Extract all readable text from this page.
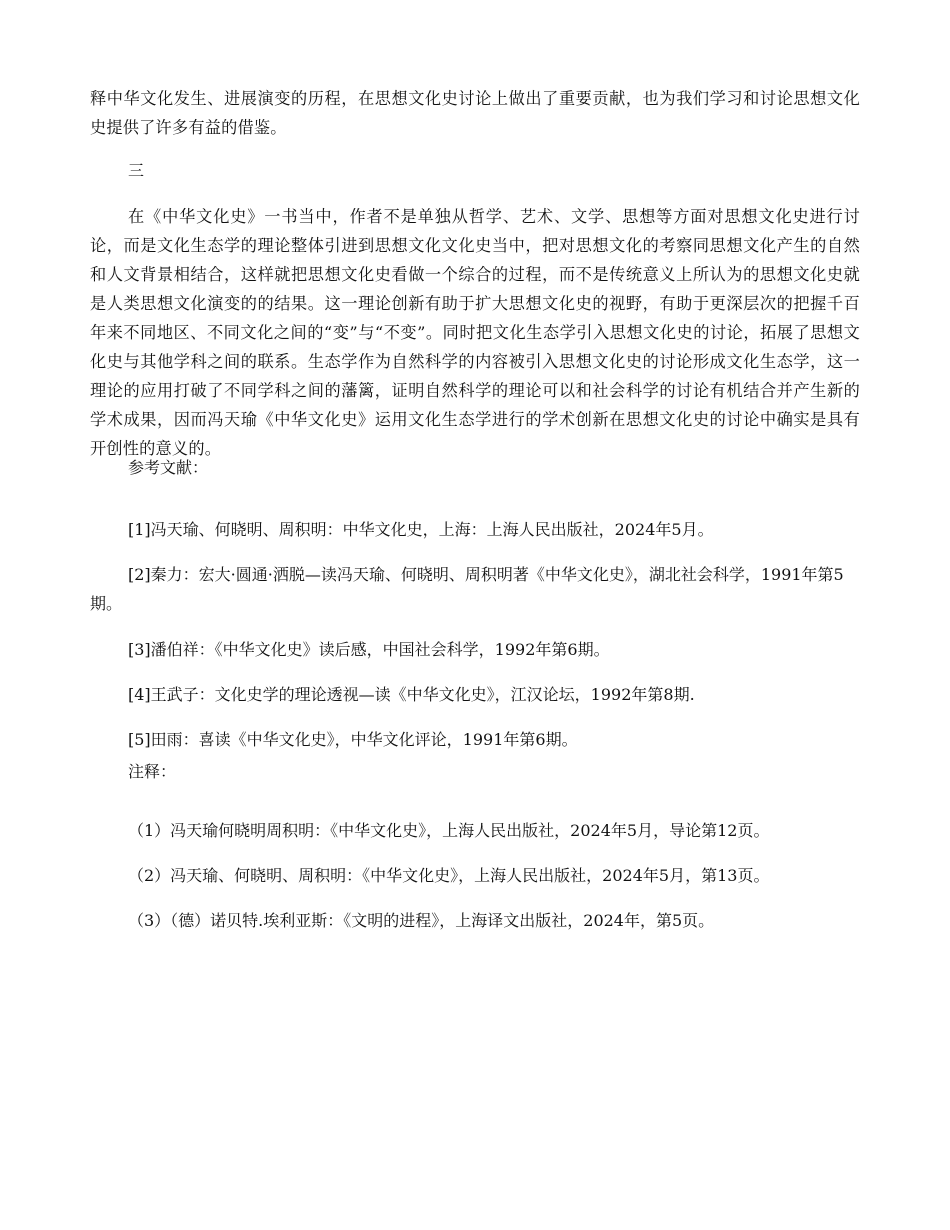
释中华文化发生、进展演变的历程，在思想文化史讨论上做出了重要贡献，也为我们学习和讨论思想文化史提供了许多有益的借鉴。

三

在《中华文化史》一书当中，作者不是单独从哲学、艺术、文学、思想等方面对思想文化史进行讨论，而是文化生态学的理论整体引进到思想文化文化史当中，把对思想文化的考察同思想文化产生的自然和人文背景相结合，这样就把思想文化史看做一个综合的过程，而不是传统意义上所认为的思想文化史就是人类思想文化演变的的结果。这一理论创新有助于扩大思想文化史的视野，有助于更深层次的把握千百年来不同地区、不同文化之间的“变”与“不变”。同时把文化生态学引入思想文化史的讨论，拓展了思想文化史与其他学科之间的联系。生态学作为自然科学的内容被引入思想文化史的讨论形成文化生态学，这一理论的应用打破了不同学科之间的藩篱，证明自然科学的理论可以和社会科学的讨论有机结合并产生新的学术成果，因而冯天瑜《中华文化史》运用文化生态学进行的学术创新在思想文化史的讨论中确实是具有开创性的意义的。

参考文献：

[1]冯天瑜、何晓明、周积明：中华文化史，上海：上海人民出版社，2024年5月。

[2]秦力：宏大·圆通·洒脱—读冯天瑜、何晓明、周积明著《中华文化史》，湖北社会科学，1991年第5期。

[3]潘伯祥：《中华文化史》读后感，中国社会科学，1992年第6期。

[4]王武子：文化史学的理论透视—读《中华文化史》，江汉论坛，1992年第8期.

[5]田雨：喜读《中华文化史》，中华文化评论，1991年第6期。

注释：

（1）冯天瑜何晓明周积明：《中华文化史》，上海人民出版社，2024年5月，导论第12页。

（2）冯天瑜、何晓明、周积明：《中华文化史》，上海人民出版社，2024年5月，第13页。

（3）（德）诺贝特.埃利亚斯：《文明的进程》，上海译文出版社，2024年，第5页。
